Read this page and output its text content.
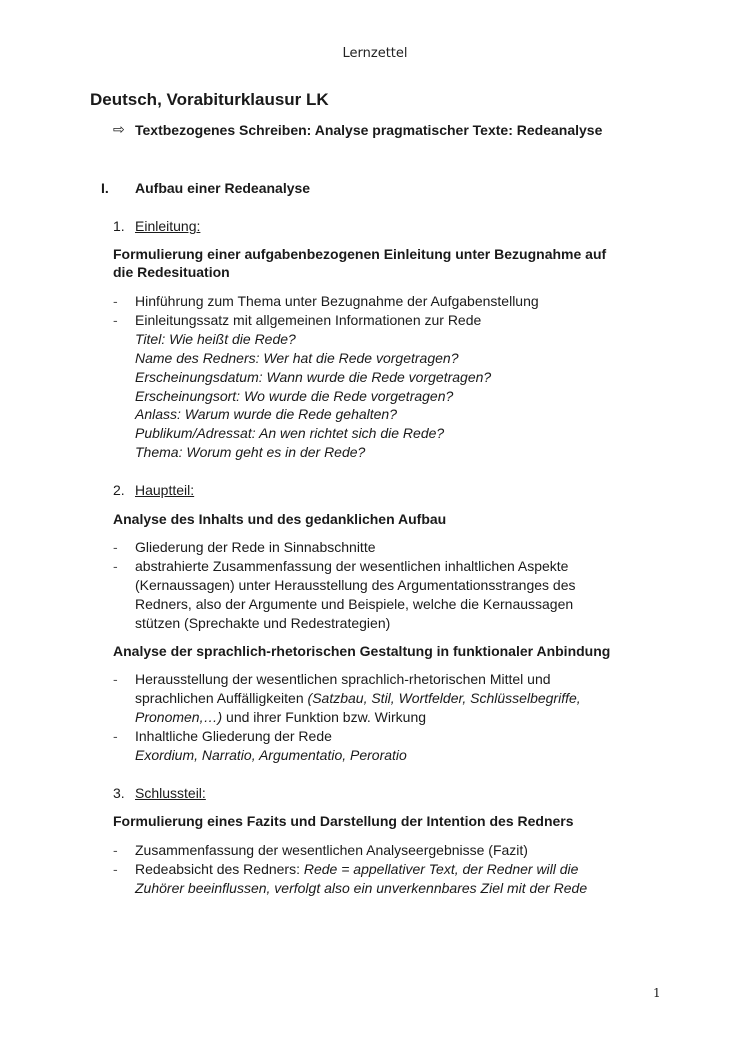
Lernzettel
Deutsch, Vorabiturklausur LK
⇨ Textbezogenes Schreiben: Analyse pragmatischer Texte: Redeanalyse
I. Aufbau einer Redeanalyse
1. Einleitung:
Formulierung einer aufgabenbezogenen Einleitung unter Bezugnahme auf
die Redesituation
- Hinführung zum Thema unter Bezugnahme der Aufgabenstellung
- Einleitungssatz mit allgemeinen Informationen zur Rede
Titel: Wie heißt die Rede?
Name des Redners: Wer hat die Rede vorgetragen?
Erscheinungsdatum: Wann wurde die Rede vorgetragen?
Erscheinungsort: Wo wurde die Rede vorgetragen?
Anlass: Warum wurde die Rede gehalten?
Publikum/Adressat: An wen richtet sich die Rede?
Thema: Worum geht es in der Rede?
2. Hauptteil:
Analyse des Inhalts und des gedanklichen Aufbau
- Gliederung der Rede in Sinnabschnitte
- abstrahierte Zusammenfassung der wesentlichen inhaltlichen Aspekte
(Kernaussagen) unter Herausstellung des Argumentationsstranges des
Redners, also der Argumente und Beispiele, welche die Kernaussagen
stützen (Sprechakte und Redestrategien)
Analyse der sprachlich-rhetorischen Gestaltung in funktionaler Anbindung
- Herausstellung der wesentlichen sprachlich-rhetorischen Mittel und
sprachlichen Auffälligkeiten (Satzbau, Stil, Wortfelder, Schlüsselbegriffe,
Pronomen,…) und ihrer Funktion bzw. Wirkung
- Inhaltliche Gliederung der Rede
Exordium, Narratio, Argumentatio, Peroratio
3. Schlussteil:
Formulierung eines Fazits und Darstellung der Intention des Redners
- Zusammenfassung der wesentlichen Analyseergebnisse (Fazit)
- Redeabsicht des Redners: Rede = appellativer Text, der Redner will die
Zuhörer beeinflussen, verfolgt also ein unverkennbares Ziel mit der Rede
1
